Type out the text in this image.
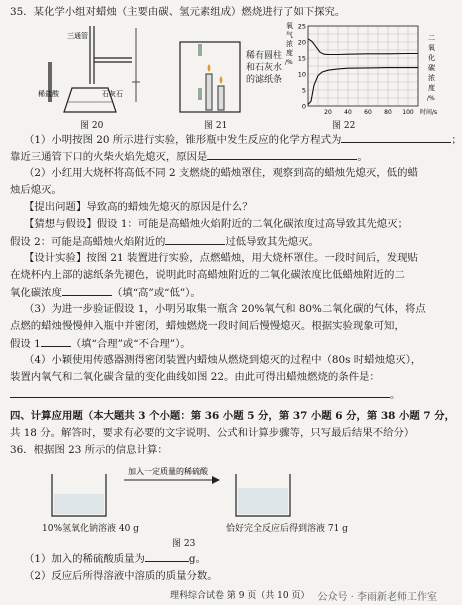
35．某化学小组对蜡烛（主要由碳、氢元素组成）燃烧进行了如下探究。
三通管
稀盐酸	石灰石
图 20
稀有圆柱
和石灰水
的滤纸条
图 21
氧
气
浓
度
/%
二
氧
化
碳
浓
度
/%
0
5
10
15
20
25
20 40 60 80 100 时间/s
图 22
（1）小明按图 20 所示进行实验，锥形瓶中发生反应的化学方程式为	；
靠近三通管下口的火柴火焰先熄灭，原因是	。
（2）小红用大烧杯将高低不同 2 支燃烧的蜡烛罩住，观察到高的蜡烛先熄灭，低的蜡
烛后熄灭。
【提出问题】导致高的蜡烛先熄灭的原因是什么？
【猜想与假设】假设 1：可能是高蜡烛火焰附近的二氧化碳浓度过高导致其先熄灭；
假设 2：可能是高蜡烛火焰附近的	过低导致其先熄灭。
【设计实验】按图 21 装置进行实验，点燃蜡烛，用大烧杯罩住。一段时间后，发现贴
在烧杯内上部的滤纸条先褪色，说明此时高蜡烛附近的二氧化碳浓度比低蜡烛附近的二
氧化碳浓度	（填“高”或“低”）。
（3）为进一步验证假设 1，小明另取集一瓶含 20%氧气和 80%二氧化碳的气体，将点
点燃的蜡烛慢慢伸入瓶中并密闭，蜡烛燃烧一段时间后慢慢熄灭。根据实验现象可知，
假设 1	（填“合理”或“不合理”）。
（4）小颖使用传感器测得密闭装置内蜡烛从燃烧到熄灭的过程中（80s 时蜡烛熄灭），
装置内氧气和二氧化碳含量的变化曲线如图 22。由此可得出蜡烛燃烧的条件是：
。
四、计算应用题（本大题共 3 个小题：第 36 小题 5 分，第 37 小题 6 分，第 38 小题 7 分，
共 18 分。解答时，要求有必要的文字说明、公式和计算步骤等，只写最后结果不给分）
36．根据图 23 所示的信息计算：
加入一定质量的稀硫酸
10%氢氧化钠溶液 40 g	恰好完全反应后得到溶液 71 g
图 23
（1）加入的稀硫酸质量为	g。
（2）反应后所得溶液中溶质的质量分数。
理科综合试卷 第 9 页（共 10 页） 公众号 · 李雨新老师工作室
